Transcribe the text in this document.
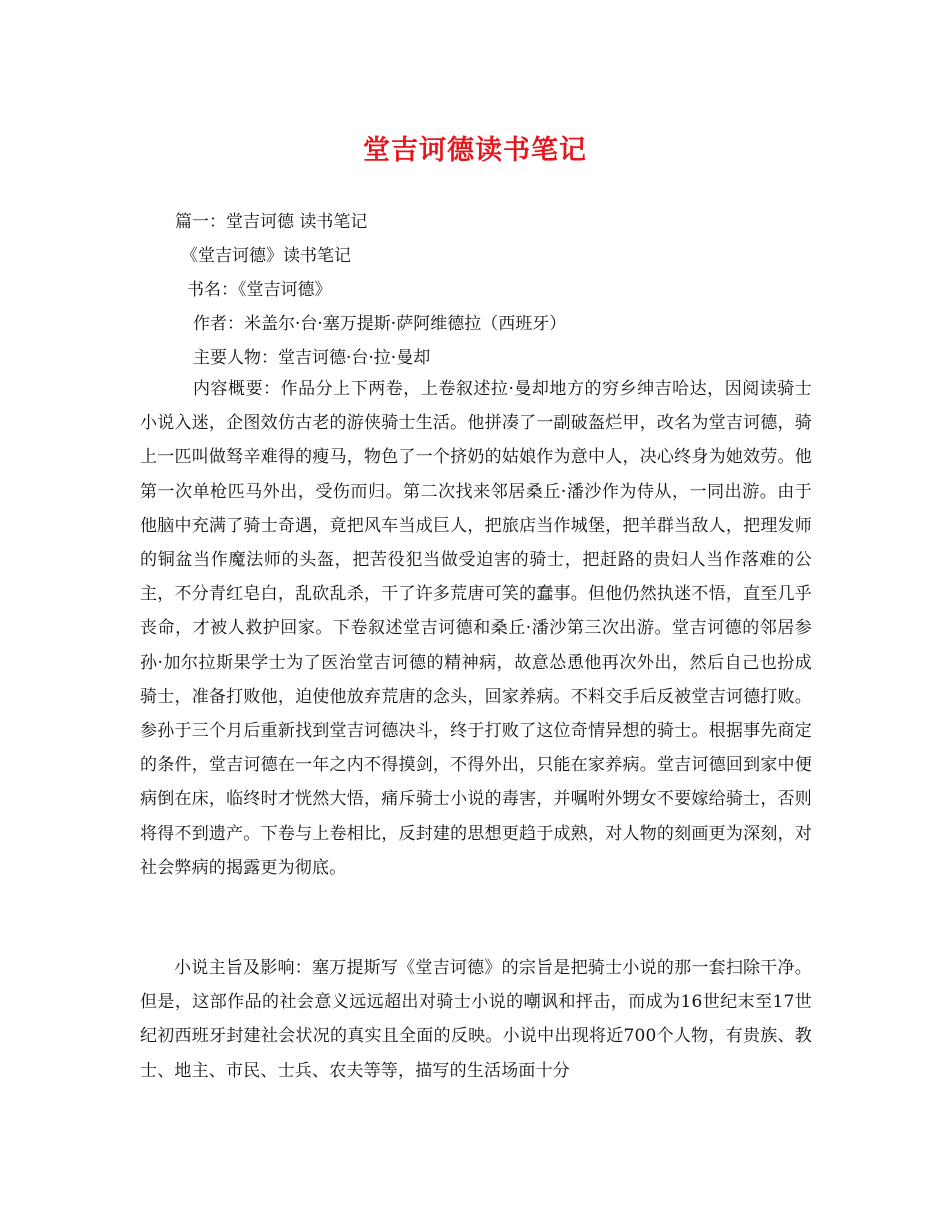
堂吉诃德读书笔记
篇一：堂吉诃德 读书笔记
《堂吉诃德》读书笔记
书名：《堂吉诃德》
作者：米盖尔·台·塞万提斯·萨阿维德拉（西班牙）
主要人物：堂吉诃德·台·拉·曼却
内容概要：作品分上下两卷，上卷叙述拉·曼却地方的穷乡绅吉哈达，因阅读骑士小说入迷，企图效仿古老的游侠骑士生活。他拼凑了一副破盔烂甲，改名为堂吉诃德，骑上一匹叫做驽辛难得的瘦马，物色了一个挤奶的姑娘作为意中人，决心终身为她效劳。他第一次单枪匹马外出，受伤而归。第二次找来邻居桑丘·潘沙作为侍从，一同出游。由于他脑中充满了骑士奇遇，竟把风车当成巨人，把旅店当作城堡，把羊群当敌人，把理发师的铜盆当作魔法师的头盔，把苦役犯当做受迫害的骑士，把赶路的贵妇人当作落难的公主，不分青红皂白，乱砍乱杀，干了许多荒唐可笑的蠢事。但他仍然执迷不悟，直至几乎丧命，才被人救护回家。下卷叙述堂吉诃德和桑丘·潘沙第三次出游。堂吉诃德的邻居参孙·加尔拉斯果学士为了医治堂吉诃德的精神病，故意怂恿他再次外出，然后自己也扮成骑士，准备打败他，迫使他放弃荒唐的念头，回家养病。不料交手后反被堂吉诃德打败。参孙于三个月后重新找到堂吉诃德决斗，终于打败了这位奇情异想的骑士。根据事先商定的条件，堂吉诃德在一年之内不得摸剑，不得外出，只能在家养病。堂吉诃德回到家中便病倒在床，临终时才恍然大悟，痛斥骑士小说的毒害，并嘱咐外甥女不要嫁给骑士，否则将得不到遗产。下卷与上卷相比，反封建的思想更趋于成熟，对人物的刻画更为深刻，对社会弊病的揭露更为彻底。
小说主旨及影响：塞万提斯写《堂吉诃德》的宗旨是把骑士小说的那一套扫除干净。但是，这部作品的社会意义远远超出对骑士小说的嘲讽和抨击，而成为16世纪末至17世纪初西班牙封建社会状况的真实且全面的反映。小说中出现将近700个人物，有贵族、教士、地主、市民、士兵、农夫等等，描写的生活场面十分
